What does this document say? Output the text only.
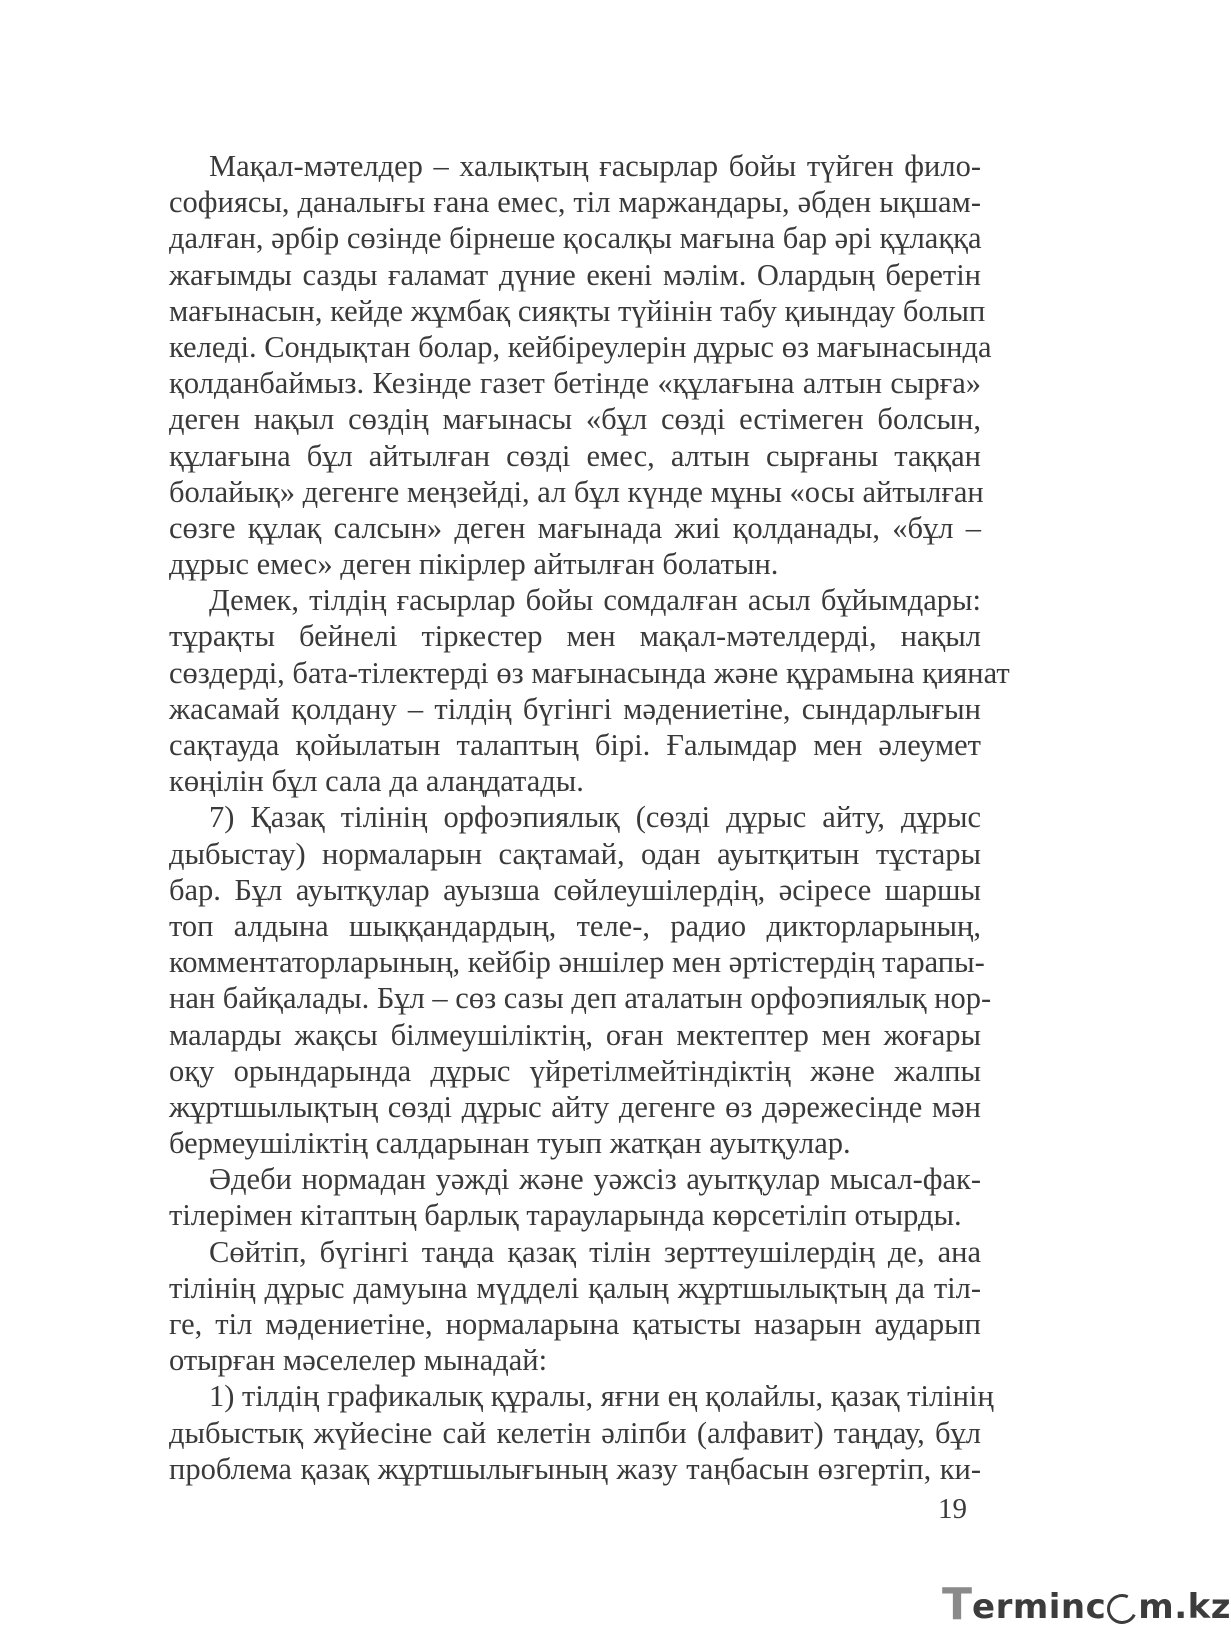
Мақал-мәтелдер – халықтың ғасырлар бойы түйген фило-
софиясы, даналығы ғана емес, тіл маржандары, әбден ықшам-
далған, әрбір сөзінде бірнеше қосалқы мағына бар әрі құлаққа
жағымды сазды ғаламат дүние екені мәлім. Олардың беретін
мағынасын, кейде жұмбақ сияқты түйінін табу қиындау болып
келеді. Сондықтан болар, кейбіреулерін дұрыс өз мағынасында
қолданбаймыз. Кезінде газет бетінде «құлағына алтын сырға»
деген нақыл сөздің мағынасы «бұл сөзді естімеген болсын,
құлағына бұл айтылған сөзді емес, алтын сырғаны таққан
болайық» дегенге меңзейді, ал бұл күнде мұны «осы айтылған
сөзге құлақ салсын» деген мағынада жиі қолданады, «бұл –
дұрыс емес» деген пікірлер айтылған болатын.
Демек, тілдің ғасырлар бойы сомдалған асыл бұйымдары:
тұрақты бейнелі тіркестер мен мақал-мәтелдерді, нақыл
сөздерді, бата-тілектерді өз мағынасында және құрамына қиянат
жасамай қолдану – тілдің бүгінгі мәдениетіне, сындарлығын
сақтауда қойылатын талаптың бірі. Ғалымдар мен әлеумет
көңілін бұл сала да алаңдатады.
7) Қазақ тілінің орфоэпиялық (сөзді дұрыс айту, дұрыс
дыбыстау) нормаларын сақтамай, одан ауытқитын тұстары
бар. Бұл ауытқулар ауызша сөйлеушілердің, әсіресе шаршы
топ алдына шыққандардың, теле-, радио дикторларының,
комментаторларының, кейбір әншілер мен әртістердің тарапы-
нан байқалады. Бұл – сөз сазы деп аталатын орфоэпиялық нор-
маларды жақсы білмеушіліктің, оған мектептер мен жоғары
оқу орындарында дұрыс үйретілмейтіндіктің және жалпы
жұртшылықтың сөзді дұрыс айту дегенге өз дәрежесінде мән
бермеушіліктің салдарынан туып жатқан ауытқулар.
Әдеби нормадан уәжді және уәжсіз ауытқулар мысал-фак-
тілерімен кітаптың барлық тарауларында көрсетіліп отырды.
Сөйтіп, бүгінгі таңда қазақ тілін зерттеушілердің де, ана
тілінің дұрыс дамуына мүдделі қалың жұртшылықтың да тіл-
ге, тіл мәдениетіне, нормаларына қатысты назарын аударып
отырған мәселелер мынадай:
1) тілдің графикалық құралы, яғни ең қолайлы, қазақ тілінің
дыбыстық жүйесіне сай келетін әліпби (алфавит) таңдау, бұл
проблема қазақ жұртшылығының жазу таңбасын өзгертіп, ки-
19
T ermin c m.kz
